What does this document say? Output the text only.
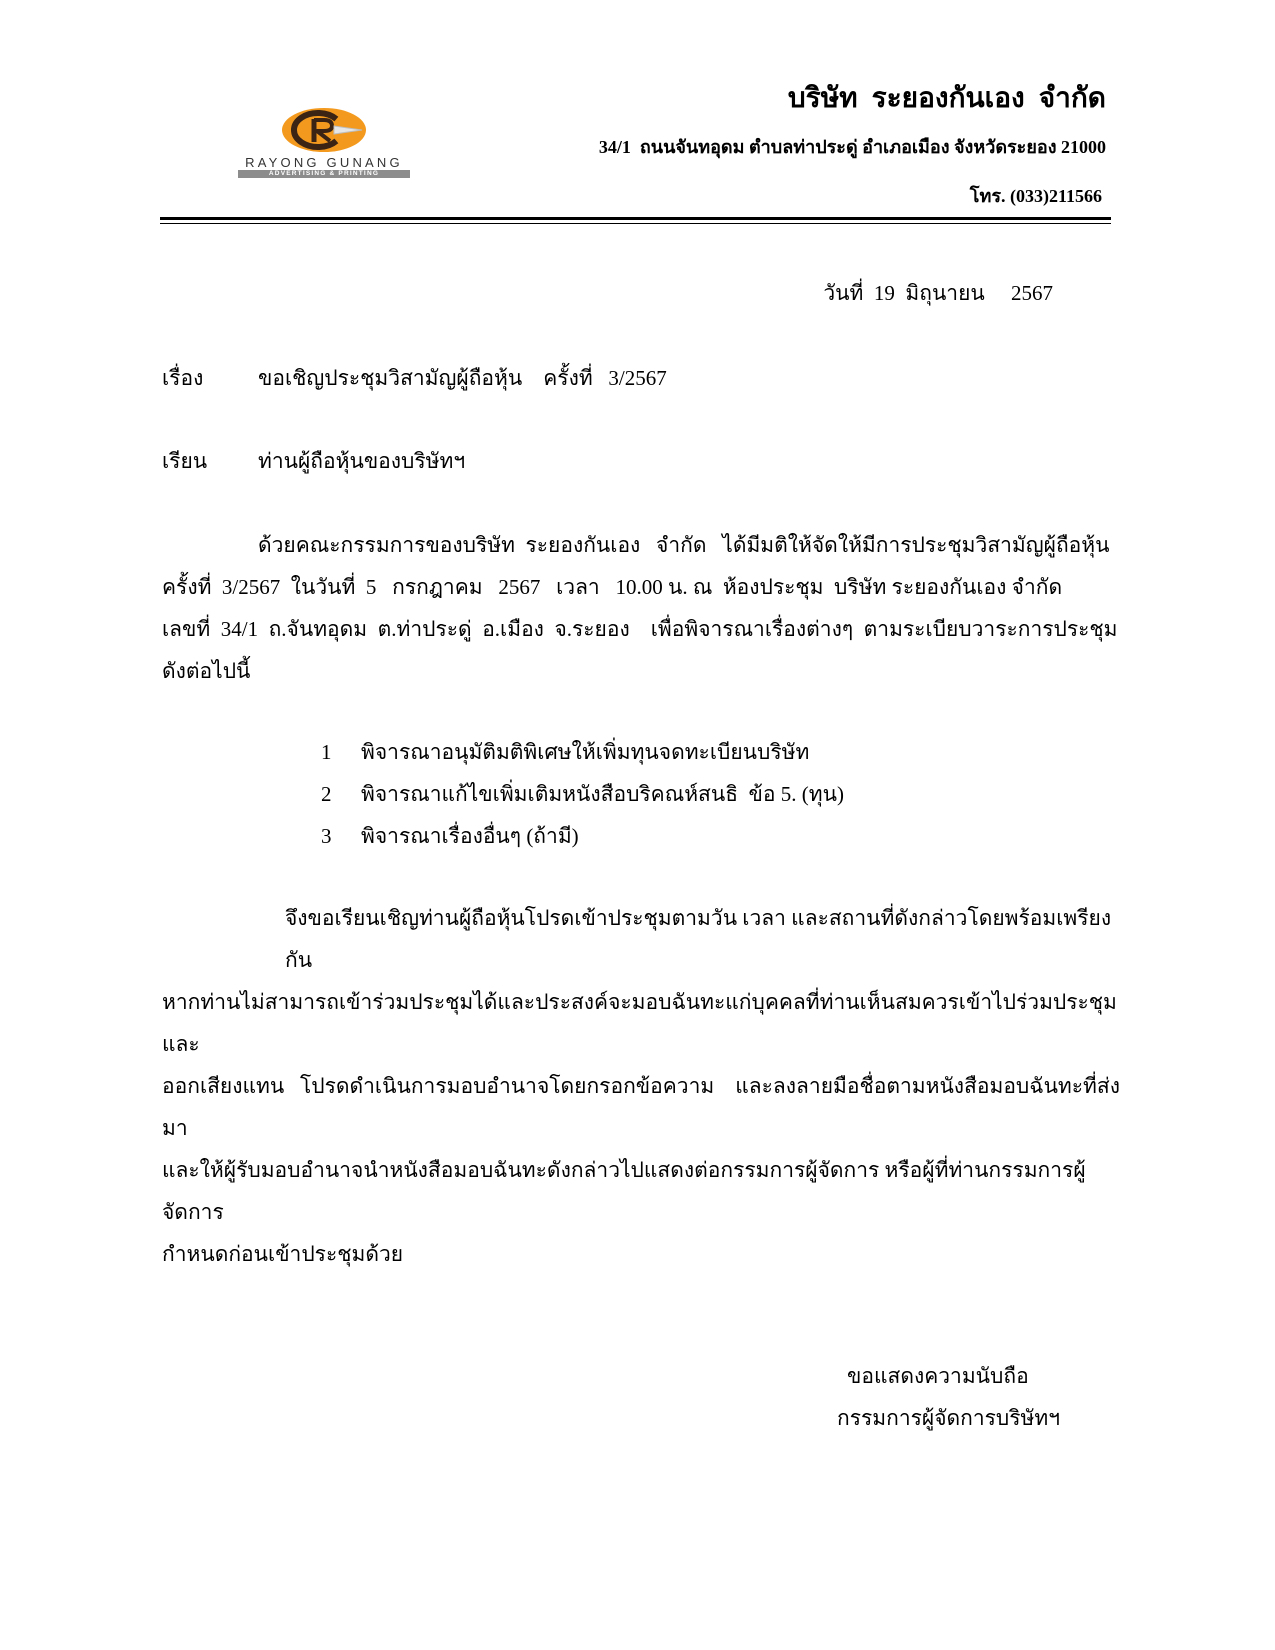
RAYONG GUNANG
ADVERTISING & PRINTING
บริษัท  ระยองกันเอง  จำกัด
34/1  ถนนจันทอุดม ตำบลท่าประดู่ อำเภอเมือง จังหวัดระยอง 21000
โทร. (033)211566
วันที่  19  มิถุนายน     2567
เรื่อง	ขอเชิญประชุมวิสามัญผู้ถือหุ้น    ครั้งที่   3/2567
เรียน	ท่านผู้ถือหุ้นของบริษัทฯ
ด้วยคณะกรรมการของบริษัท  ระยองกันเอง   จำกัด   ได้มีมติให้จัดให้มีการประชุมวิสามัญผู้ถือหุ้น
ครั้งที่  3/2567  ในวันที่  5   กรกฎาคม   2567   เวลา   10.00 น. ณ  ห้องประชุม  บริษัท ระยองกันเอง จำกัด
เลขที่  34/1  ถ.จันทอุดม  ต.ท่าประดู่  อ.เมือง  จ.ระยอง    เพื่อพิจารณาเรื่องต่างๆ  ตามระเบียบวาระการประชุม
ดังต่อไปนี้
1	พิจารณาอนุมัติมติพิเศษให้เพิ่มทุนจดทะเบียนบริษัท
2	พิจารณาแก้ไขเพิ่มเติมหนังสือบริคณห์สนธิ  ข้อ 5. (ทุน)
3	พิจารณาเรื่องอื่นๆ (ถ้ามี)
จึงขอเรียนเชิญท่านผู้ถือหุ้นโปรดเข้าประชุมตามวัน เวลา และสถานที่ดังกล่าวโดยพร้อมเพรียงกัน
หากท่านไม่สามารถเข้าร่วมประชุมได้และประสงค์จะมอบฉันทะแก่บุคคลที่ท่านเห็นสมควรเข้าไปร่วมประชุมและ
ออกเสียงแทน   โปรดดำเนินการมอบอำนาจโดยกรอกข้อความ    และลงลายมือชื่อตามหนังสือมอบฉันทะที่ส่งมา
และให้ผู้รับมอบอำนาจนำหนังสือมอบฉันทะดังกล่าวไปแสดงต่อกรรมการผู้จัดการ หรือผู้ที่ท่านกรรมการผู้จัดการ
กำหนดก่อนเข้าประชุมด้วย
ขอแสดงความนับถือ
กรรมการผู้จัดการบริษัทฯ
